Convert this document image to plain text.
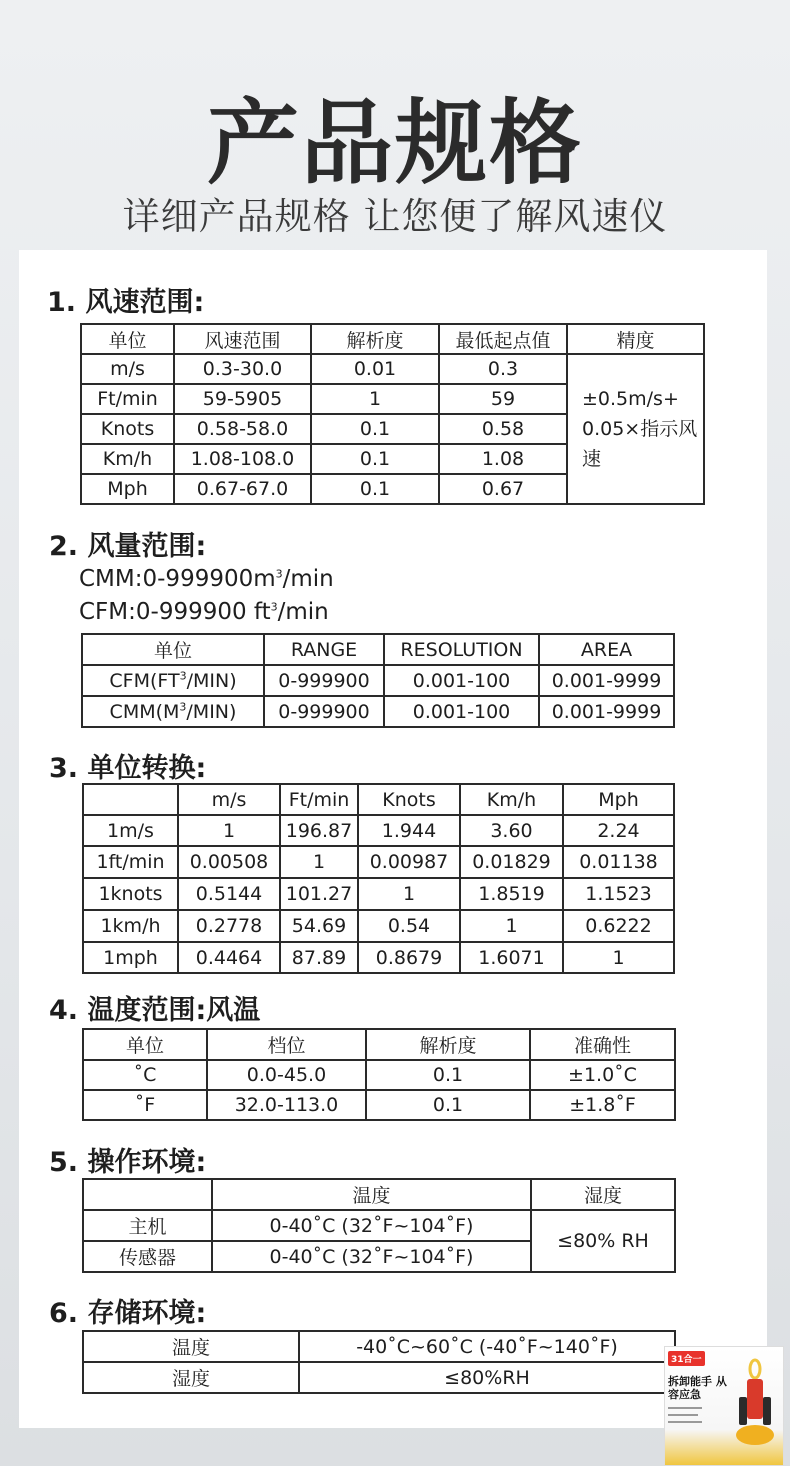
产品规格
详细产品规格 让您便了解风速仪
1. 风速范围:
单位	风速范围	解析度	最低起点值	精度
m/s	0.3-30.0	0.01	0.3	±0.5m/s+ 0.05×指示风速
Ft/min	59-5905	1	59	
Knots	0.58-58.0	0.1	0.58	
Km/h	1.08-108.0	0.1	1.08	
Mph	0.67-67.0	0.1	0.67	
2. 风量范围:
$CMM:0-999900m^3/\min$
CFM:0-999900 $ft^3/\min$
单位	RANGE	RESOLUTION	AREA
$CFM(FT^3/MIN)$	0-999900	0.001-100	0.001-9999
$CMM(M^3/MIN)$	0-999900	0.001-100	0.001-9999
3. 单位转换:
	m/s	Ft/min	Knots	Km/h	Mph
1m/s	1	196.87	1.944	3.60	2.24
1ft/min	0.00508	1	0.00987	0.01829	0.01138
1knots	0.5144	101.27	1	1.8519	1.1523
1km/h	0.2778	54.69	0.54	1	0.6222
1mph	0.4464	87.89	0.8679	1.6071	1
4. 温度范围:风温
单位	档位	解析度	准确性
˚C	0.0-45.0	0.1	±1.0˚C
˚F	32.0-113.0	0.1	±1.8˚F
5. 操作环境:
	温度	湿度
主机	0-40˚C (32˚F~104˚F)	≤80% RH
传感器	0-40˚C (32˚F~104˚F)	
6. 存储环境:
温度	-40˚C~60˚C (-40˚F~140˚F)
湿度	≤80%RH
31合一
拆卸能手 从容应急
